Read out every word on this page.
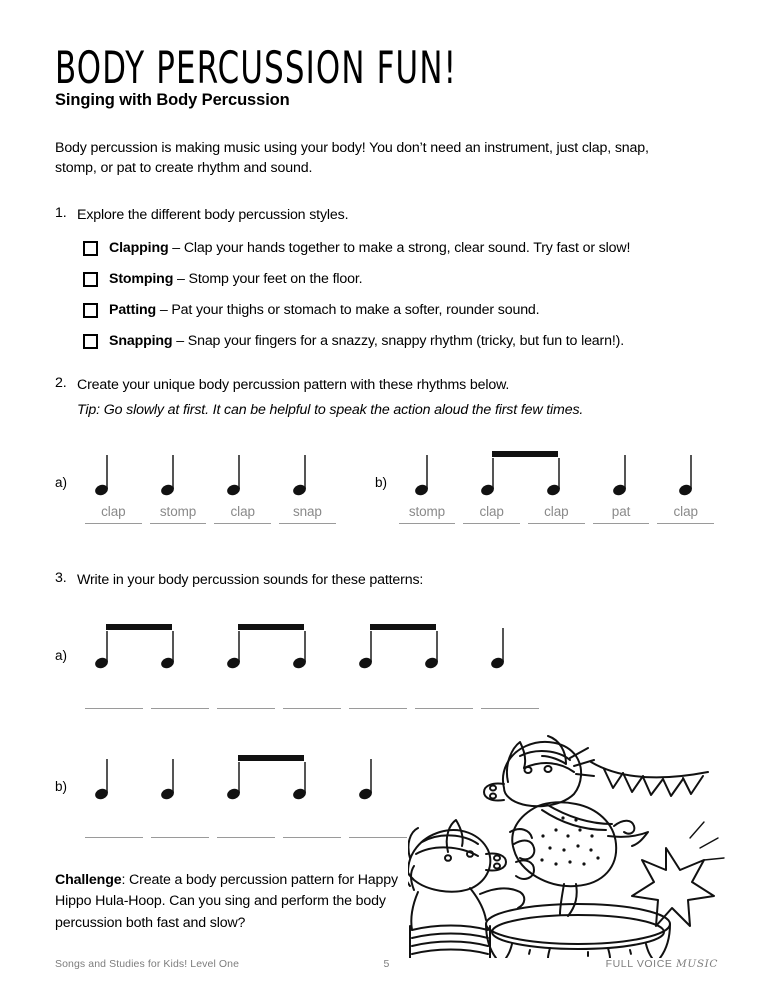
BODY PERCUSSION FUN!
Singing with Body Percussion

Body percussion is making music using your body! You don’t need an instrument, just clap, snap, stomp, or pat to create rhythm and sound.

1. Explore the different body percussion styles.
Clapping – Clap your hands together to make a strong, clear sound. Try fast or slow!
Stomping – Stomp your feet on the floor.
Patting – Pat your thighs or stomach to make a softer, rounder sound.
Snapping – Snap your fingers for a snazzy, snappy rhythm (tricky, but fun to learn!).
2. Create your unique body percussion pattern with these rhythms below.
Tip: Go slowly at first. It can be helpful to speak the action aloud the first few times.
a)	b)
clap	stomp	clap	snap	stomp	clap	clap	pat	clap
3. Write in your body percussion sounds for these patterns:
a)
b)
Challenge: Create a body percussion pattern for Happy Hippo Hula-Hoop. Can you sing and perform the body percussion both fast and slow?
Songs and Studies for Kids! Level One	5	FULL VOICE MUSIC
